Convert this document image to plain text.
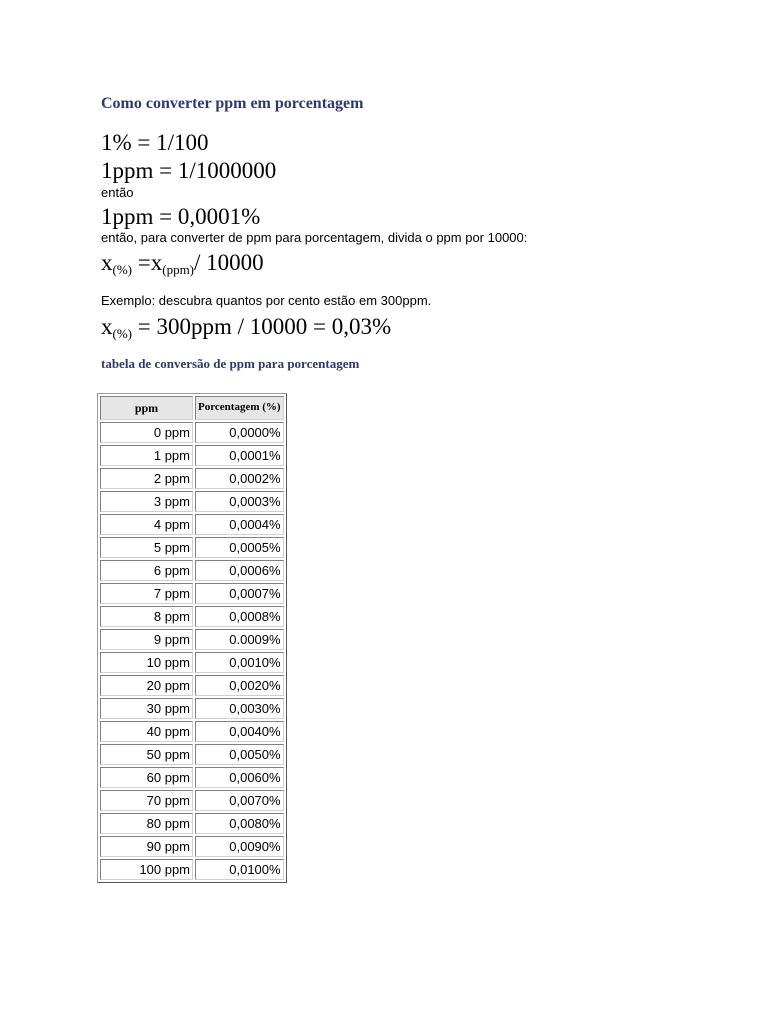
Como converter ppm em porcentagem

1% = 1/100

1ppm = 1/1000000

então

1ppm = 0,0001%

então, para converter de ppm para porcentagem, divida o ppm por 10000:

$x_{(\%)} =x_{(ppm)}/$ 10000

Exemplo: descubra quantos por cento estão em 300ppm.

$x_{(\%)} = 300ppm / 10000 = 0,03\%$

tabela de conversão de ppm para porcentagem
ppm	Porcentagem (%)
0 ppm	0,0000%
1 ppm	0,0001%
2 ppm	0,0002%
3 ppm	0,0003%
4 ppm	0,0004%
5 ppm	0,0005%
6 ppm	0,0006%
7 ppm	0,0007%
8 ppm	0,0008%
9 ppm	0.0009%
10 ppm	0,0010%
20 ppm	0,0020%
30 ppm	0,0030%
40 ppm	0,0040%
50 ppm	0,0050%
60 ppm	0,0060%
70 ppm	0,0070%
80 ppm	0,0080%
90 ppm	0,0090%
100 ppm	0,0100%
